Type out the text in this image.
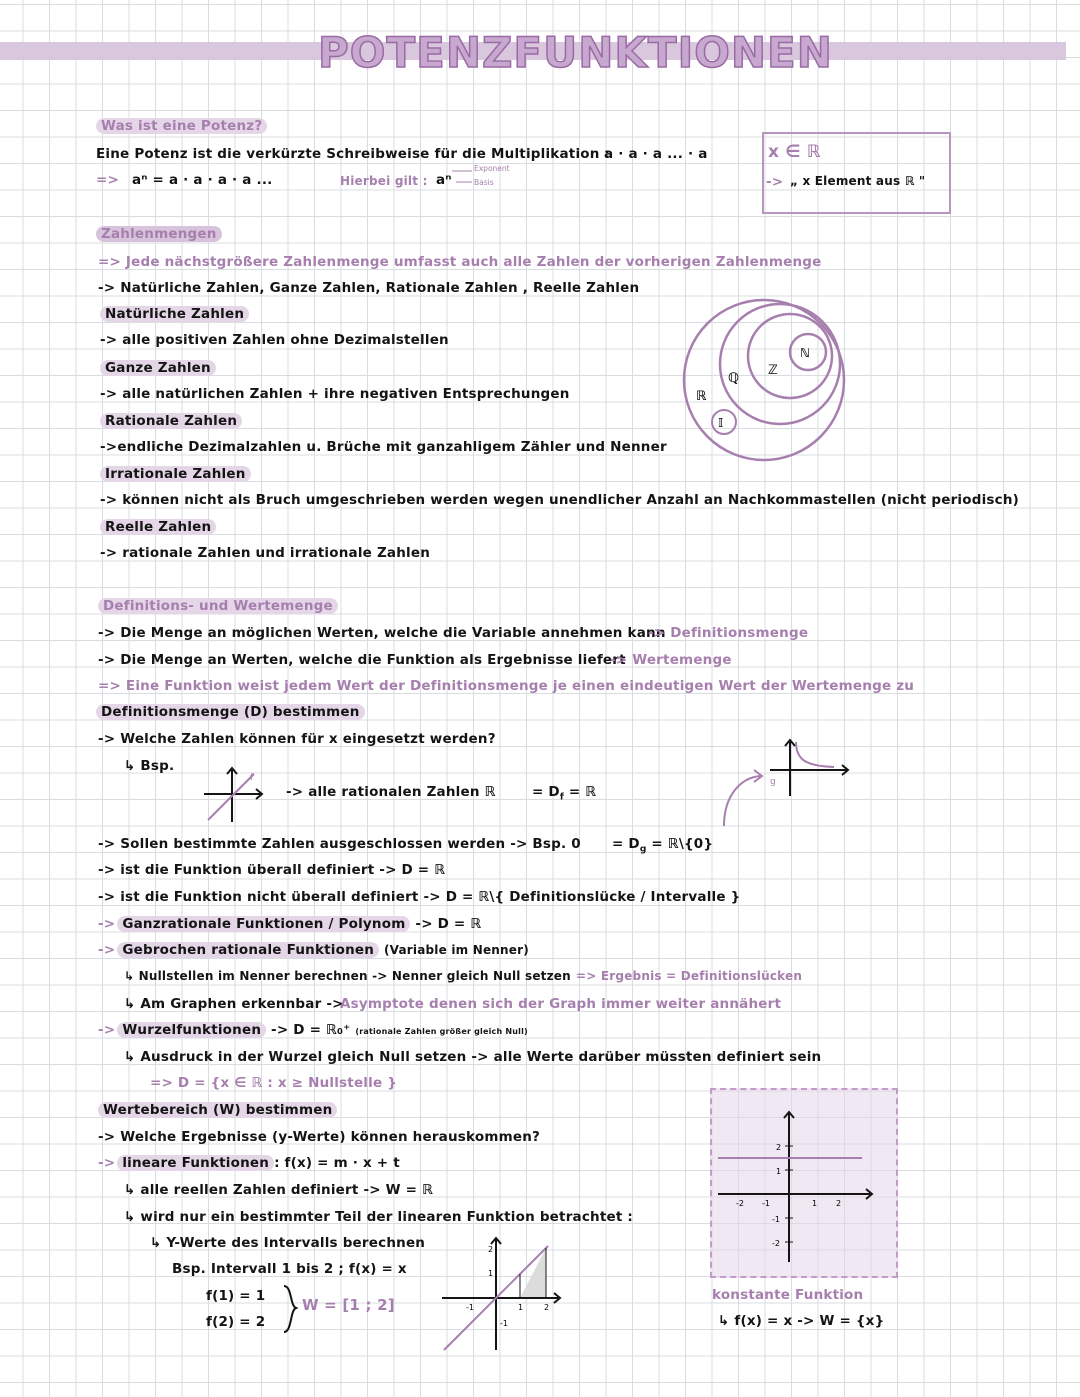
POTENZFUNKTIONEN
Was ist eine Potenz?
Eine Potenz ist die verkürzte Schreibweise für die Multiplikation :
a · a · a ... · a
=> aⁿ = a · a · a · a ...	Hierbei gilt : aⁿ
Exponent
Basis
x ∈ ℝ
-> „ x Element aus ℝ "
Zahlenmengen
=> Jede nächstgrößere Zahlenmenge umfasst auch alle Zahlen der vorherigen Zahlenmenge
-> Natürliche Zahlen, Ganze Zahlen, Rationale Zahlen , Reelle Zahlen
Natürliche Zahlen
-> alle positiven Zahlen ohne Dezimalstellen
Ganze Zahlen
-> alle natürlichen Zahlen + ihre negativen Entsprechungen
Rationale Zahlen
->endliche Dezimalzahlen u. Brüche mit ganzahligem Zähler und Nenner
Irrationale Zahlen
-> können nicht als Bruch umgeschrieben werden wegen unendlicher Anzahl an Nachkommastellen (nicht periodisch)
Reelle Zahlen
-> rationale Zahlen und irrationale Zahlen
ℝ
ℚ
ℤ
ℕ
𝕀
Definitions- und Wertemenge
-> Die Menge an möglichen Werten, welche die Variable annehmen kann
-> Definitionsmenge
-> Die Menge an Werten, welche die Funktion als Ergebnisse liefert
-> Wertemenge
=> Eine Funktion weist jedem Wert der Definitionsmenge je einen eindeutigen Wert der Wertemenge zu
Definitionsmenge (D) bestimmen
-> Welche Zahlen können für x eingesetzt werden?
↳ Bsp.
f
-> alle rationalen Zahlen ℝ	= $D_f$ = ℝ
g
-> Sollen bestimmte Zahlen ausgeschlossen werden -> Bsp. $0 = D_g$ = ℝ\{0}
-> ist die Funktion überall definiert -> D = ℝ
-> ist die Funktion nicht überall definiert -> D = ℝ\{ Definitionslücke / Intervalle }
-> Ganzrationale Funktionen / Polynom -> D = ℝ
-> Gebrochen rationale Funktionen (Variable im Nenner)
↳ Nullstellen im Nenner berechnen -> Nenner gleich Null setzen => Ergebnis = Definitionslücken
↳ Am Graphen erkennbar ->
Asymptote denen sich der Graph immer weiter annähert
-> Wurzelfunktionen -> D = ℝ₀⁺ (rationale Zahlen größer gleich Null)
↳ Ausdruck in der Wurzel gleich Null setzen -> alle Werte darüber müssten definiert sein
=> D = {x ∈ ℝ : x ≥ Nullstelle }
Wertebereich (W) bestimmen
-> Welche Ergebnisse (y-Werte) können herauskommen?
-> lineare Funktionen : f(x) = m · x + t
↳ alle reellen Zahlen definiert -> W = ℝ
↳ wird nur ein bestimmter Teil der linearen Funktion betrachtet :
↳ Y-Werte des Intervalls berechnen
Bsp. Intervall 1 bis 2 ; f(x) = x
f(1) = 1
f(2) = 2
W = [1 ; 2]
2
1
-1
-1	1	2
2
1
-1
-2
-2 -1	1 2
konstante Funktion
↳ f(x) = x -> W = {x}
